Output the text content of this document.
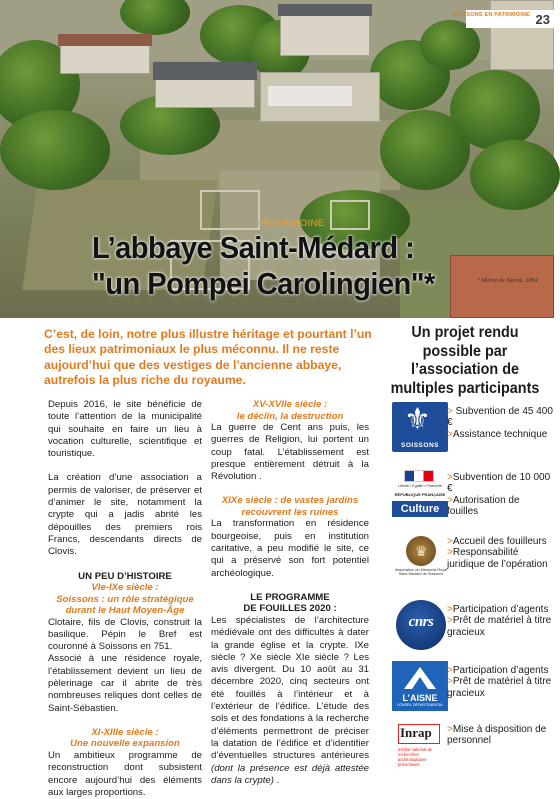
SOISSONS EN PATRIMOINE 23
#PATRIMOINE
L’abbaye Saint-Médard :
"un Pompei Carolingien"*	* Michel de Nerval, 1854
C’est, de loin, notre plus illustre héritage et pourtant l’un des lieux patrimoniaux le plus méconnu. Il ne reste aujourd’hui que des vestiges de l’ancienne abbaye, autrefois la plus riche du royaume.

Depuis 2016, le site bénéficie de toute l’attention de la municipalité qui souhaite en faire un lieu à vocation culturelle, scientifique et touristique.

La création d’une association a permis de valoriser, de préserver et d’animer le site, notamment la crypte qui a jadis abrité les dépouilles des premiers rois Francs, descendants directs de Clovis.

UN PEU D’HISTOIRE
VIe-IXe siècle :
Soissons : un rôle stratégique durant le Haut Moyen-Âge

Clotaire, fils de Clovis, construit la basilique. Pépin le Bref est couronné à Soissons en 751.

Associé à une résidence royale, l’établissement devient un lieu de pèlerinage car il abrite de très nombreuses reliques dont celles de Saint-Sébastien.

XI-XIIIe siècle :
Une nouvelle expansion

Un ambitieux programme de reconstruction dont subsistent encore aujourd’hui des éléments aux larges proportions.

XV-XVIIe siècle :
le déclin, la destruction

La guerre de Cent ans puis, les guerres de Religion, lui portent un coup fatal. L’établissement est presque entièrement détruit à la Révolution .

XIXe siècle : de vastes jardins recouvrent les ruines

La transformation en résidence bourgeoise, puis en institution caritative, a peu modifié le site, ce qui a préservé son fort potentiel archéologique.

LE PROGRAMME
DE FOUILLES 2020 :

Les spécialistes de l’architecture médiévale ont des difficultés à dater la grande église et la crypte. IXe siècle ? Xe siècle XIe siècle ? Les avis divergent. Du 10 août au 31 décembre 2020, cinq secteurs ont été fouillés à l’intérieur et à l’extérieur de l’édifice. L’étude des sols et des fondations à la recherche d’éléments permettront de préciser la datation de l’édifice et d’identifier d’éventuelles structures antérieures (dont la présence est déjà attestée dans la crypte) .

Un projet rendu possible par l’association de multiples participants
⚜
SOISSONS
> Subvention de 45 400 €
>Assistance technique
Liberté • Égalité • Fraternité
RÉPUBLIQUE FRANÇAISE
Culture
>Subvention de 10 000 €
>Autorisation de fouilles
♛
Association du Mémorial Royal Saint-Médard de Soissons
>Accueil des fouilleurs
>Responsabilité juridique de l’opération
cnrs
>Participation d’agents
>Prêt de matériel à titre gracieux
L’AISNE
CONSEIL DÉPARTEMENTAL
>Participation d’agents
>Prêt de matériel à titre gracieux
Inrap
Institut national de recherches archéologiques préventives
>Mise à disposition de personnel
